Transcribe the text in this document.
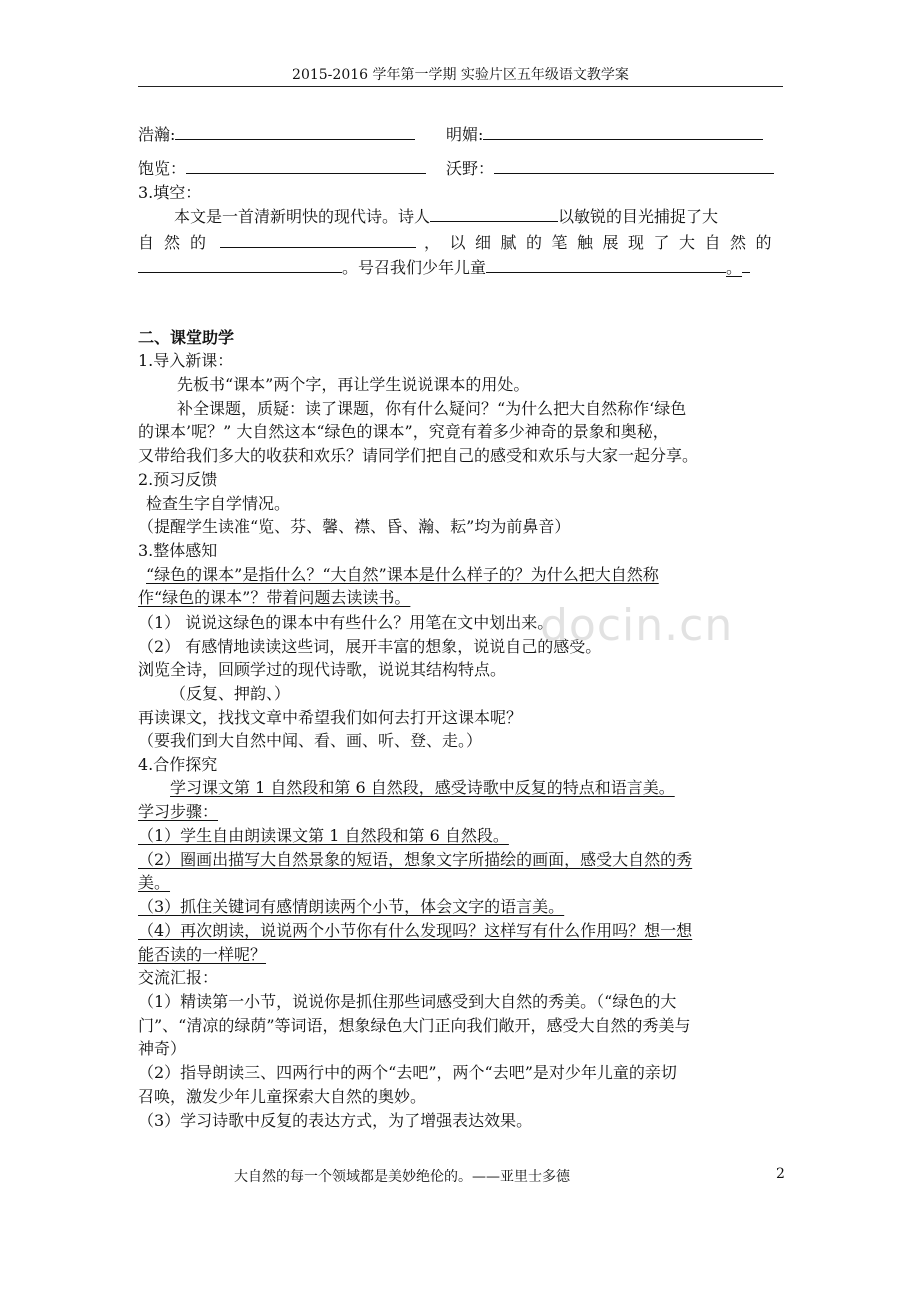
2015-2016 学年第一学期 实验片区五年级语文教学案
浩瀚:	明媚:
饱览：	沃野：
3.填空：
本文是一首清新明快的现代诗。诗人	以敏锐的目光捕捉了大
自然的	，以细腻的笔触展现了大自然的
。号召我们少年儿童	。
二、课堂助学
1.导入新课：
先板书“课本”两个字，再让学生说说课本的用处。
补全课题，质疑：读了课题，你有什么疑问？“为什么把大自然称作‘绿色
的课本’呢？” 大自然这本“绿色的课本”，究竟有着多少神奇的景象和奥秘，
又带给我们多大的收获和欢乐？请同学们把自己的感受和欢乐与大家一起分享。
2.预习反馈
检查生字自学情况。
（提醒学生读准“览、芬、馨、襟、昏、瀚、耘”均为前鼻音）
3.整体感知
“绿色的课本”是指什么？“大自然”课本是什么样子的？为什么把大自然称
作“绿色的课本”？带着问题去读读书。
（1） 说说这绿色的课本中有些什么？用笔在文中划出来。
（2） 有感情地读读这些词，展开丰富的想象，说说自己的感受。
浏览全诗，回顾学过的现代诗歌，说说其结构特点。
（反复、押韵、）
再读课文，找找文章中希望我们如何去打开这课本呢？
（要我们到大自然中闻、看、画、听、登、走。）
4.合作探究
学习课文第 1 自然段和第 6 自然段，感受诗歌中反复的特点和语言美。
学习步骤：
（1）学生自由朗读课文第 1 自然段和第 6 自然段。
（2）圈画出描写大自然景象的短语，想象文字所描绘的画面，感受大自然的秀
美。
（3）抓住关键词有感情朗读两个小节，体会文字的语言美。
（4）再次朗读，说说两个小节你有什么发现吗？这样写有什么作用吗？想一想
能否读的一样呢？
交流汇报：
（1）精读第一小节，说说你是抓住那些词感受到大自然的秀美。（“绿色的大
门”、“清凉的绿荫”等词语，想象绿色大门正向我们敞开，感受大自然的秀美与
神奇）
（2）指导朗读三、四两行中的两个“去吧”，两个“去吧”是对少年儿童的亲切
召唤，激发少年儿童探索大自然的奥妙。
（3）学习诗歌中反复的表达方式，为了增强表达效果。
docin.cn
大自然的每一个领域都是美妙绝伦的。——亚里士多德	2
